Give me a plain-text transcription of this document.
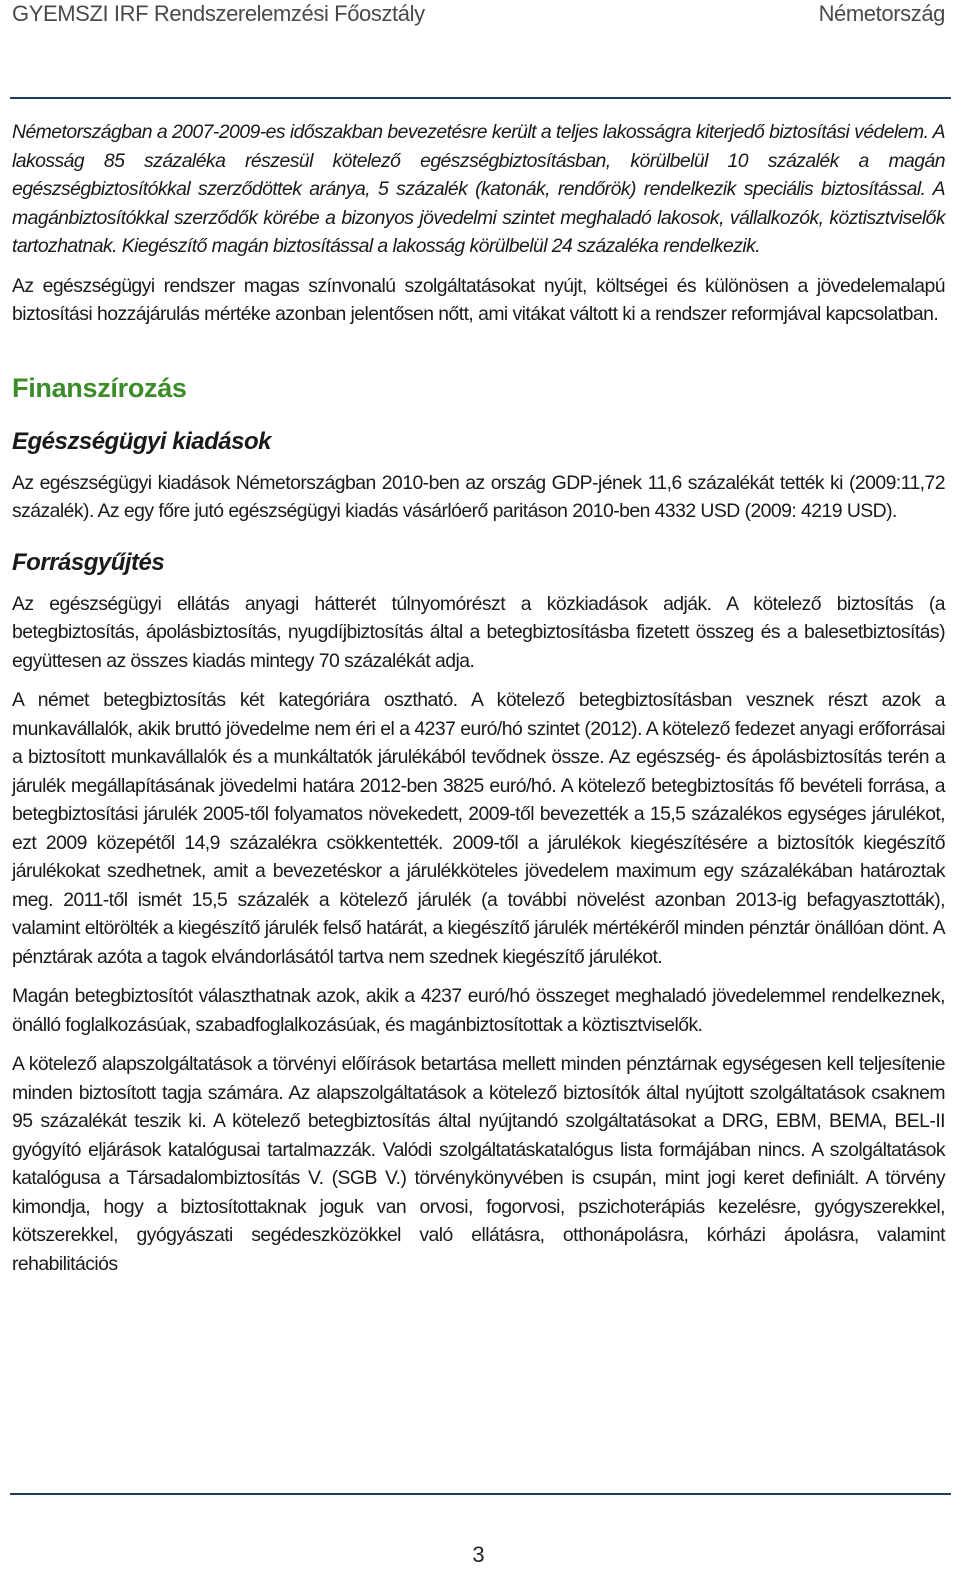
GYEMSZI IRF Rendszerelemzési Főosztály	Németország

Németországban a 2007-2009-es időszakban bevezetésre került a teljes lakosságra kiterjedő biztosítási védelem. A lakosság 85 százaléka részesül kötelező egészségbiztosításban, körülbelül 10 százalék a magán egészségbiztosítókkal szerződöttek aránya, 5 százalék (katonák, rendőrök) rendelkezik speciális biztosítással. A magánbiztosítókkal szerződők körébe a bizonyos jövedelmi szintet meghaladó lakosok, vállalkozók, köztisztviselők tartozhatnak. Kiegészítő magán biztosítással a lakosság körülbelül 24 százaléka rendelkezik.

Az egészségügyi rendszer magas színvonalú szolgáltatásokat nyújt, költségei és különösen a jövedelemalapú biztosítási hozzájárulás mértéke azonban jelentősen nőtt, ami vitákat váltott ki a rendszer reformjával kapcsolatban.

Finanszírozás
Egészségügyi kiadások

Az egészségügyi kiadások Németországban 2010-ben az ország GDP-jének 11,6 százalékát tették ki (2009:11,72 százalék). Az egy főre jutó egészségügyi kiadás vásárlóerő paritáson 2010-ben 4332 USD (2009: 4219 USD).

Forrásgyűjtés

Az egészségügyi ellátás anyagi hátterét túlnyomórészt a közkiadások adják. A kötelező biztosítás (a betegbiztosítás, ápolásbiztosítás, nyugdíjbiztosítás által a betegbiztosításba fizetett összeg és a balesetbiztosítás) együttesen az összes kiadás mintegy 70 százalékát adja.

A német betegbiztosítás két kategóriára osztható. A kötelező betegbiztosításban vesznek részt azok a munkavállalók, akik bruttó jövedelme nem éri el a 4237 euró/hó szintet (2012). A kötelező fedezet anyagi erőforrásai a biztosított munkavállalók és a munkáltatók járulékából tevődnek össze. Az egészség- és ápolásbiztosítás terén a járulék megállapításának jövedelmi határa 2012-ben 3825 euró/hó. A kötelező betegbiztosítás fő bevételi forrása, a betegbiztosítási járulék 2005-től folyamatos növekedett, 2009-től bevezették a 15,5 százalékos egységes járulékot, ezt 2009 közepétől 14,9 százalékra csökkentették. 2009-től a járulékok kiegészítésére a biztosítók kiegészítő járulékokat szedhetnek, amit a bevezetéskor a járulékköteles jövedelem maximum egy százalékában határoztak meg. 2011-től ismét 15,5 százalék a kötelező járulék (a további növelést azonban 2013-ig befagyasztották), valamint eltörölték a kiegészítő járulék felső határát, a kiegészítő járulék mértékéről minden pénztár önállóan dönt. A pénztárak azóta a tagok elvándorlásától tartva nem szednek kiegészítő járulékot.

Magán betegbiztosítót választhatnak azok, akik a 4237 euró/hó összeget meghaladó jövedelemmel rendelkeznek, önálló foglalkozásúak, szabadfoglalkozásúak, és magánbiztosítottak a köztisztviselők.

A kötelező alapszolgáltatások a törvényi előírások betartása mellett minden pénztárnak egységesen kell teljesítenie minden biztosított tagja számára. Az alapszolgáltatások a kötelező biztosítók által nyújtott szolgáltatások csaknem 95 százalékát teszik ki. A kötelező betegbiztosítás által nyújtandó szolgáltatásokat a DRG, EBM, BEMA, BEL-II gyógyító eljárások katalógusai tartalmazzák. Valódi szolgáltatáskatalógus lista formájában nincs. A szolgáltatások katalógusa a Társadalombiztosítás V. (SGB V.) törvénykönyvében is csupán, mint jogi keret definiált. A törvény kimondja, hogy a biztosítottaknak joguk van orvosi, fogorvosi, pszichoterápiás kezelésre, gyógyszerekkel, kötszerekkel, gyógyászati segédeszközökkel való ellátásra, otthonápolásra, kórházi ápolásra, valamint rehabilitációs

3
